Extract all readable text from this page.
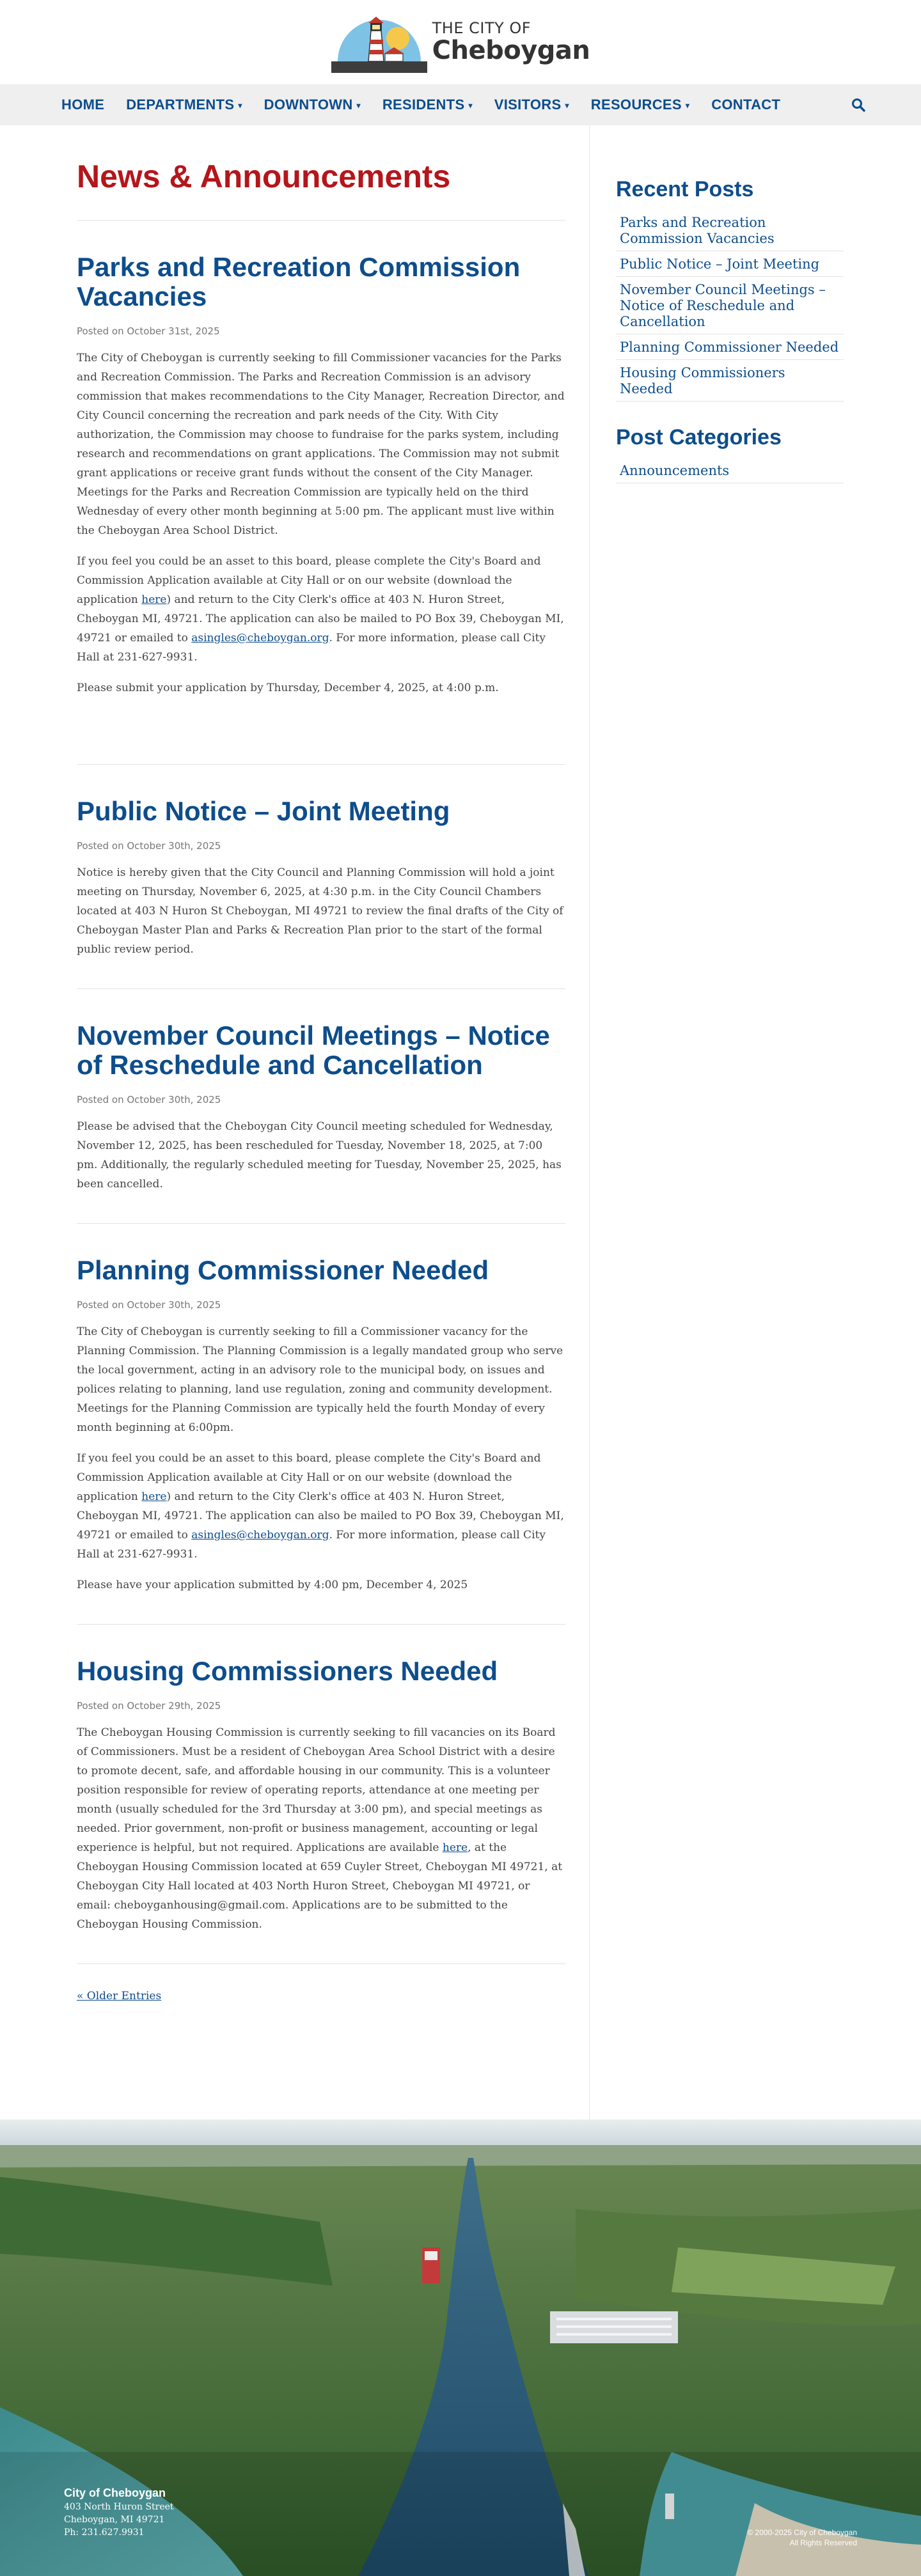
THE CITY OF
Cheboygan
HOME DEPARTMENTS ▾ DOWNTOWN ▾ RESIDENTS ▾ VISITORS ▾ RESOURCES ▾ CONTACT
News & Announcements
Parks and Recreation Commission Vacancies
Posted on October 31st, 2025

The City of Cheboygan is currently seeking to fill Commissioner vacancies for the Parks and Recreation Commission. The Parks and Recreation Commission is an advisory commission that makes recommendations to the City Manager, Recreation Director, and City Council concerning the recreation and park needs of the City. With City authorization, the Commission may choose to fundraise for the parks system, including research and recommendations on grant applications. The Commission may not submit grant applications or receive grant funds without the consent of the City Manager. Meetings for the Parks and Recreation Commission are typically held on the third Wednesday of every other month beginning at 5:00 pm. The applicant must live within the Cheboygan Area School District.

If you feel you could be an asset to this board, please complete the City's Board and Commission Application available at City Hall or on our website (download the application here) and return to the City Clerk's office at 403 N. Huron Street, Cheboygan MI, 49721. The application can also be mailed to PO Box 39, Cheboygan MI, 49721 or emailed to asingles@cheboygan.org. For more information, please call City Hall at 231-627-9931.

Please submit your application by Thursday, December 4, 2025, at 4:00 p.m.

Public Notice – Joint Meeting
Posted on October 30th, 2025

Notice is hereby given that the City Council and Planning Commission will hold a joint meeting on Thursday, November 6, 2025, at 4:30 p.m. in the City Council Chambers located at 403 N Huron St Cheboygan, MI 49721 to review the final drafts of the City of Cheboygan Master Plan and Parks & Recreation Plan prior to the start of the formal public review period.

November Council Meetings – Notice of Reschedule and Cancellation
Posted on October 30th, 2025

Please be advised that the Cheboygan City Council meeting scheduled for Wednesday, November 12, 2025, has been rescheduled for Tuesday, November 18, 2025, at 7:00 pm. Additionally, the regularly scheduled meeting for Tuesday, November 25, 2025, has been cancelled.

Planning Commissioner Needed
Posted on October 30th, 2025

The City of Cheboygan is currently seeking to fill a Commissioner vacancy for the Planning Commission. The Planning Commission is a legally mandated group who serve the local government, acting in an advisory role to the municipal body, on issues and polices relating to planning, land use regulation, zoning and community development. Meetings for the Planning Commission are typically held the fourth Monday of every month beginning at 6:00pm.

If you feel you could be an asset to this board, please complete the City's Board and Commission Application available at City Hall or on our website (download the application here) and return to the City Clerk's office at 403 N. Huron Street, Cheboygan MI, 49721. The application can also be mailed to PO Box 39, Cheboygan MI, 49721 or emailed to asingles@cheboygan.org. For more information, please call City Hall at 231-627-9931.

Please have your application submitted by 4:00 pm, December 4, 2025

Housing Commissioners Needed
Posted on October 29th, 2025

The Cheboygan Housing Commission is currently seeking to fill vacancies on its Board of Commissioners. Must be a resident of Cheboygan Area School District with a desire to promote decent, safe, and affordable housing in our community. This is a volunteer position responsible for review of operating reports, attendance at one meeting per month (usually scheduled for the 3rd Thursday at 3:00 pm), and special meetings as needed. Prior government, non-profit or business management, accounting or legal experience is helpful, but not required. Applications are available here, at the Cheboygan Housing Commission located at 659 Cuyler Street, Cheboygan MI 49721, at Cheboygan City Hall located at 403 North Huron Street, Cheboygan MI 49721, or email: cheboyganhousing@gmail.com. Applications are to be submitted to the Cheboygan Housing Commission.

« Older Entries
Recent Posts
Parks and Recreation Commission Vacancies
Public Notice – Joint Meeting
November Council Meetings – Notice of Reschedule and Cancellation
Planning Commissioner Needed
Housing Commissioners Needed
Post Categories
Announcements
City of Cheboygan
403 North Huron Street
Cheboygan, MI 49721
Ph: 231.627.9931	© 2000-2025 City of Cheboygan
All Rights Reserved
